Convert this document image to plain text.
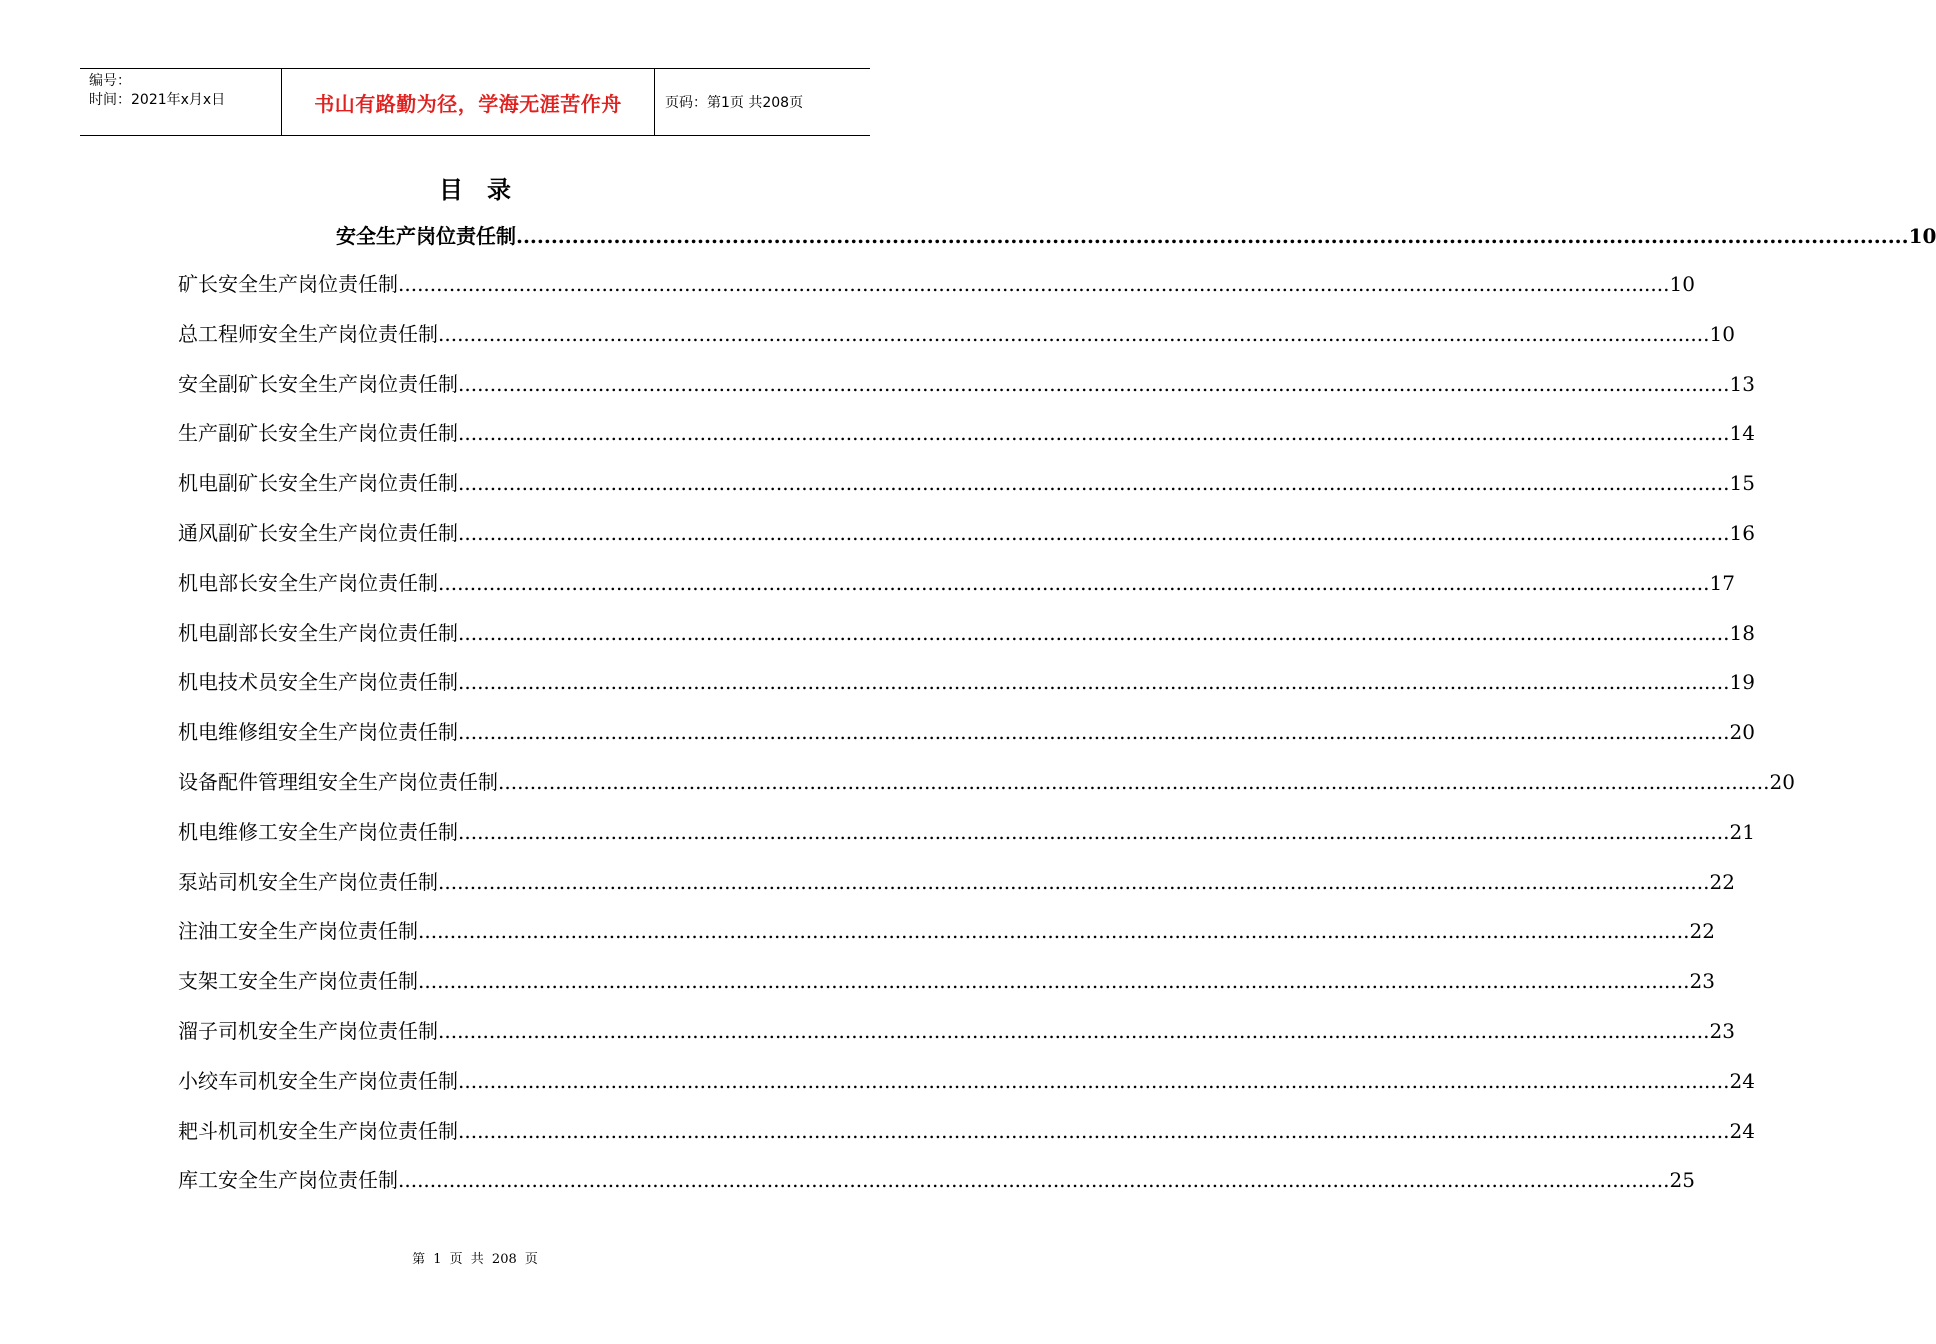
编号：
时间：2021年x月x日	书山有路勤为径，学海无涯苦作舟	页码：第1页 共208页
目录
安全生产岗位责任制 ........................................................................................................................................................................................................ 10
矿长安全生产岗位责任制 ........................................................................................................................................................................................................ 10
总工程师安全生产岗位责任制 ........................................................................................................................................................................................................ 10
安全副矿长安全生产岗位责任制 ........................................................................................................................................................................................................ 13
生产副矿长安全生产岗位责任制 ........................................................................................................................................................................................................ 14
机电副矿长安全生产岗位责任制 ........................................................................................................................................................................................................ 15
通风副矿长安全生产岗位责任制 ........................................................................................................................................................................................................ 16
机电部长安全生产岗位责任制 ........................................................................................................................................................................................................ 17
机电副部长安全生产岗位责任制 ........................................................................................................................................................................................................ 18
机电技术员安全生产岗位责任制 ........................................................................................................................................................................................................ 19
机电维修组安全生产岗位责任制 ........................................................................................................................................................................................................ 20
设备配件管理组安全生产岗位责任制 ........................................................................................................................................................................................................ 20
机电维修工安全生产岗位责任制 ........................................................................................................................................................................................................ 21
泵站司机安全生产岗位责任制 ........................................................................................................................................................................................................ 22
注油工安全生产岗位责任制 ........................................................................................................................................................................................................ 22
支架工安全生产岗位责任制 ........................................................................................................................................................................................................ 23
溜子司机安全生产岗位责任制 ........................................................................................................................................................................................................ 23
小绞车司机安全生产岗位责任制 ........................................................................................................................................................................................................ 24
耙斗机司机安全生产岗位责任制 ........................................................................................................................................................................................................ 24
库工安全生产岗位责任制 ........................................................................................................................................................................................................ 25
第 1 页 共 208 页
